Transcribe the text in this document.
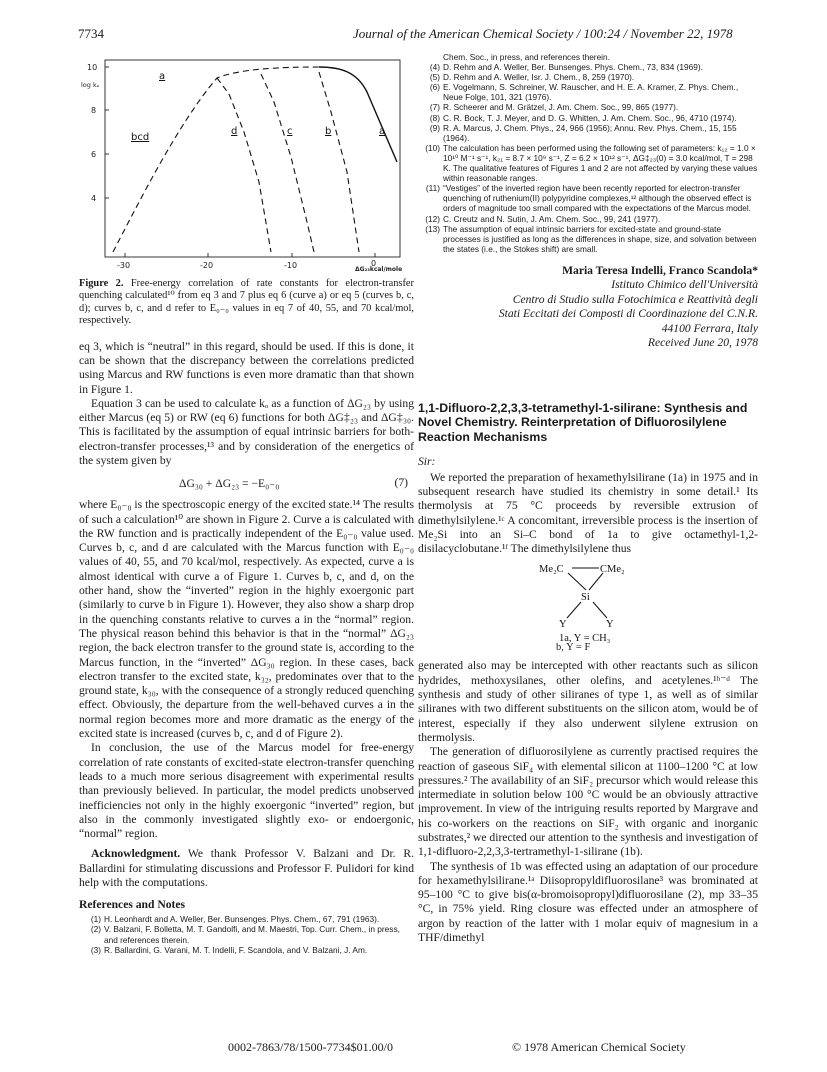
7734	Journal of the American Chemical Society / 100:24 / November 22, 1978
10
8
6
4
log kₒ
-30	-20	-10	0
ΔG₂₃kcal/mole
a
bcd
d	c	b	a
Figure 2. Free-energy correlation of rate constants for electron-transfer quenching calculated¹⁰ from eq 3 and 7 plus eq 6 (curve a) or eq 5 (curves b, c, d); curves b, c, and d refer to E₀₋₀ values in eq 7 of 40, 55, and 70 kcal/mol, respectively.

eq 3, which is “neutral” in this regard, should be used. If this is done, it can be shown that the discrepancy between the correlations predicted using Marcus and RW functions is even more dramatic than that shown in Figure 1.

Equation 3 can be used to calculate kₒ as a function of ΔG₂₃ by using either Marcus (eq 5) or RW (eq 6) functions for both ΔG‡₂₃ and ΔG‡₃₀. This is facilitated by the assumption of equal intrinsic barriers for both-electron-transfer processes,¹³ and by consideration of the energetics of the system given by

ΔG₃₀ + ΔG₂₃ = −E₀₋₀	(7)

where E₀₋₀ is the spectroscopic energy of the excited state.¹⁴ The results of such a calculation¹⁰ are shown in Figure 2. Curve a is calculated with the RW function and is practically independent of the E₀₋₀ value used. Curves b, c, and d are calculated with the Marcus function with E₀₋₀ values of 40, 55, and 70 kcal/mol, respectively. As expected, curve a is almost identical with curve a of Figure 1. Curves b, c, and d, on the other hand, show the “inverted” region in the highly exoergonic part (similarly to curve b in Figure 1). However, they also show a sharp drop in the quenching constants relative to curves a in the “normal” region. The physical reason behind this behavior is that in the “normal” ΔG₂₃ region, the back electron transfer to the ground state is, according to the Marcus function, in the “inverted” ΔG₃₀ region. In these cases, back electron transfer to the excited state, k₃₂, predominates over that to the ground state, k₃₀, with the consequence of a strongly reduced quenching effect. Obviously, the departure from the well-behaved curves a in the normal region becomes more and more dramatic as the energy of the excited state is increased (curves b, c, and d of Figure 2).

In conclusion, the use of the Marcus model for free-energy correlation of rate constants of excited-state electron-transfer quenching leads to a much more serious disagreement with experimental results than previously believed. In particular, the model predicts unobserved inefficiencies not only in the highly exoergonic “inverted” region, but also in the commonly investigated slightly exo- or endoergonic, “normal” region.

Acknowledgment. We thank Professor V. Balzani and Dr. R. Ballardini for stimulating discussions and Professor F. Pulidori for kind help with the computations.
References and Notes
(1) H. Leonhardt and A. Weller, Ber. Bunsenges. Phys. Chem., 67, 791 (1963).
(2) V. Balzani, F. Bolletta, M. T. Gandolfi, and M. Maestri, Top. Curr. Chem., in press, and references therein.
(3) R. Ballardini, G. Varani, M. T. Indelli, F. Scandola, and V. Balzani, J. Am.
Chem. Soc., in press, and references therein.
(4) D. Rehm and A. Weller, Ber. Bunsenges. Phys. Chem., 73, 834 (1969).
(5) D. Rehm and A. Weller, Isr. J. Chem., 8, 259 (1970).
(6) E. Vogelmann, S. Schreiner, W. Rauscher, and H. E. A. Kramer, Z. Phys. Chem., Neue Folge, 101, 321 (1976).
(7) R. Scheerer and M. Grätzel, J. Am. Chem. Soc., 99, 865 (1977).
(8) C. R. Bock, T. J. Meyer, and D. G. Whitten, J. Am. Chem. Soc., 96, 4710 (1974).
(9) R. A. Marcus, J. Chem. Phys., 24, 966 (1956); Annu. Rev. Phys. Chem., 15, 155 (1964).
(10) The calculation has been performed using the following set of parameters: k₁₂ = 1.0 × 10¹⁰ M⁻¹ s⁻¹, k₂₁ = 8.7 × 10⁹ s⁻¹, Z = 6.2 × 10¹² s⁻¹, ΔG‡₂₃(0) = 3.0 kcal/mol, T = 298 K. The qualitative features of Figures 1 and 2 are not affected by varying these values within reasonable ranges.
(11) “Vestiges” of the inverted region have been recently reported for electron-transfer quenching of ruthenium(II) polypyridine complexes,¹² although the observed effect is orders of magnitude too small compared with the expectations of the Marcus model.
(12) C. Creutz and N. Sutin, J. Am. Chem. Soc., 99, 241 (1977).
(13) The assumption of equal intrinsic barriers for excited-state and ground-state processes is justified as long as the differences in shape, size, and solvation between the states (i.e., the Stokes shift) are small.
Maria Teresa Indelli, Franco Scandola*
Istituto Chimico dell'Università
Centro di Studio sulla Fotochimica e Reattività degli
Stati Eccitati dei Composti di Coordinazione del C.N.R.
44100 Ferrara, Italy
Received June 20, 1978
1,1-Difluoro-2,2,3,3-tetramethyl-1-silirane: Synthesis and Novel Chemistry. Reinterpretation of Difluorosilylene Reaction Mechanisms
Sir:

We reported the preparation of hexamethylsilirane (1a) in 1975 and in subsequent research have studied its chemistry in some detail.¹ Its thermolysis at 75 °C proceeds by reversible extrusion of dimethylsilylene.¹ᶜ A concomitant, irreversible process is the insertion of Me₂Si into an Si–C bond of 1a to give octamethyl-1,2-disilacyclobutane.¹ᶠ The dimethylsilylene thus

Me₂C	CMe₂
Si
Y	Y
1a, Y = CH₃
b, Y = F

generated also may be intercepted with other reactants such as silicon hydrides, methoxysilanes, other olefins, and acetylenes.¹ᵇ⁻ᵈ The synthesis and study of other siliranes of type 1, as well as of similar siliranes with two different substituents on the silicon atom, would be of interest, especially if they also underwent silylene extrusion on thermolysis.

The generation of difluorosilylene as currently practised requires the reaction of gaseous SiF₄ with elemental silicon at 1100–1200 °C at low pressures.² The availability of an SiF₂ precursor which would release this intermediate in solution below 100 °C would be an obviously attractive improvement. In view of the intriguing results reported by Margrave and his co-workers on the reactions on SiF₂ with organic and inorganic substrates,² we directed our attention to the synthesis and investigation of 1,1-difluoro-2,2,3,3-tertramethyl-1-silirane (1b).

The synthesis of 1b was effected using an adaptation of our procedure for hexamethylsilirane.¹ᵃ Diisopropyldifluorosilane³ was brominated at 95–100 °C to give bis(α-bromoisopropyl)difluorosilane (2), mp 33–35 °C, in 75% yield. Ring closure was effected under an atmosphere of argon by reaction of the latter with 1 molar equiv of magnesium in a THF/dimethyl

0002-7863/78/1500-7734$01.00/0	© 1978 American Chemical Society
